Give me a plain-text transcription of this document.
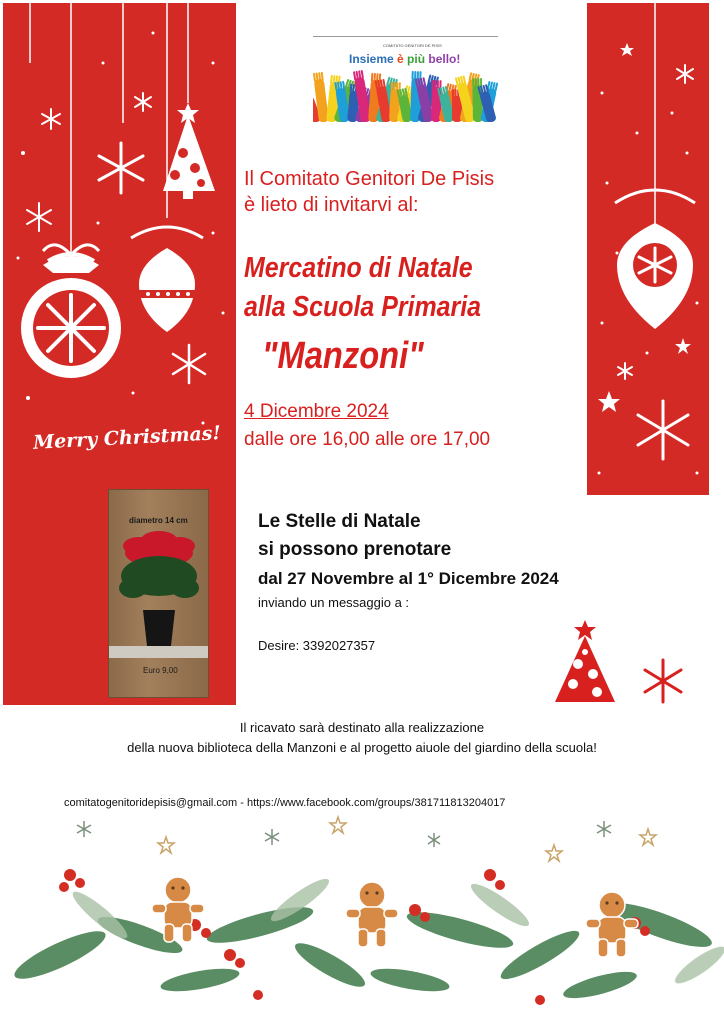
Merry Christmas!
COMITATO GENITORI DE PISIS
Insieme è più bello!
Il Comitato Genitori De Pisis
è lieto di invitarvi al:
Mercatino di Natale
alla Scuola Primaria
"Manzoni"
4 Dicembre 2024
dalle ore 16,00 alle ore 17,00
diametro 14 cm
Euro 9,00
Le Stelle di Natale
si possono prenotare
dal 27 Novembre al 1° Dicembre 2024
inviando un messaggio a :
Desire: 3392027357
Il ricavato sarà destinato alla realizzazione
della nuova biblioteca della Manzoni e al progetto aiuole del giardino della scuola!
comitatogenitoridepisis@gmail.com - https://www.facebook.com/groups/381711813204017
